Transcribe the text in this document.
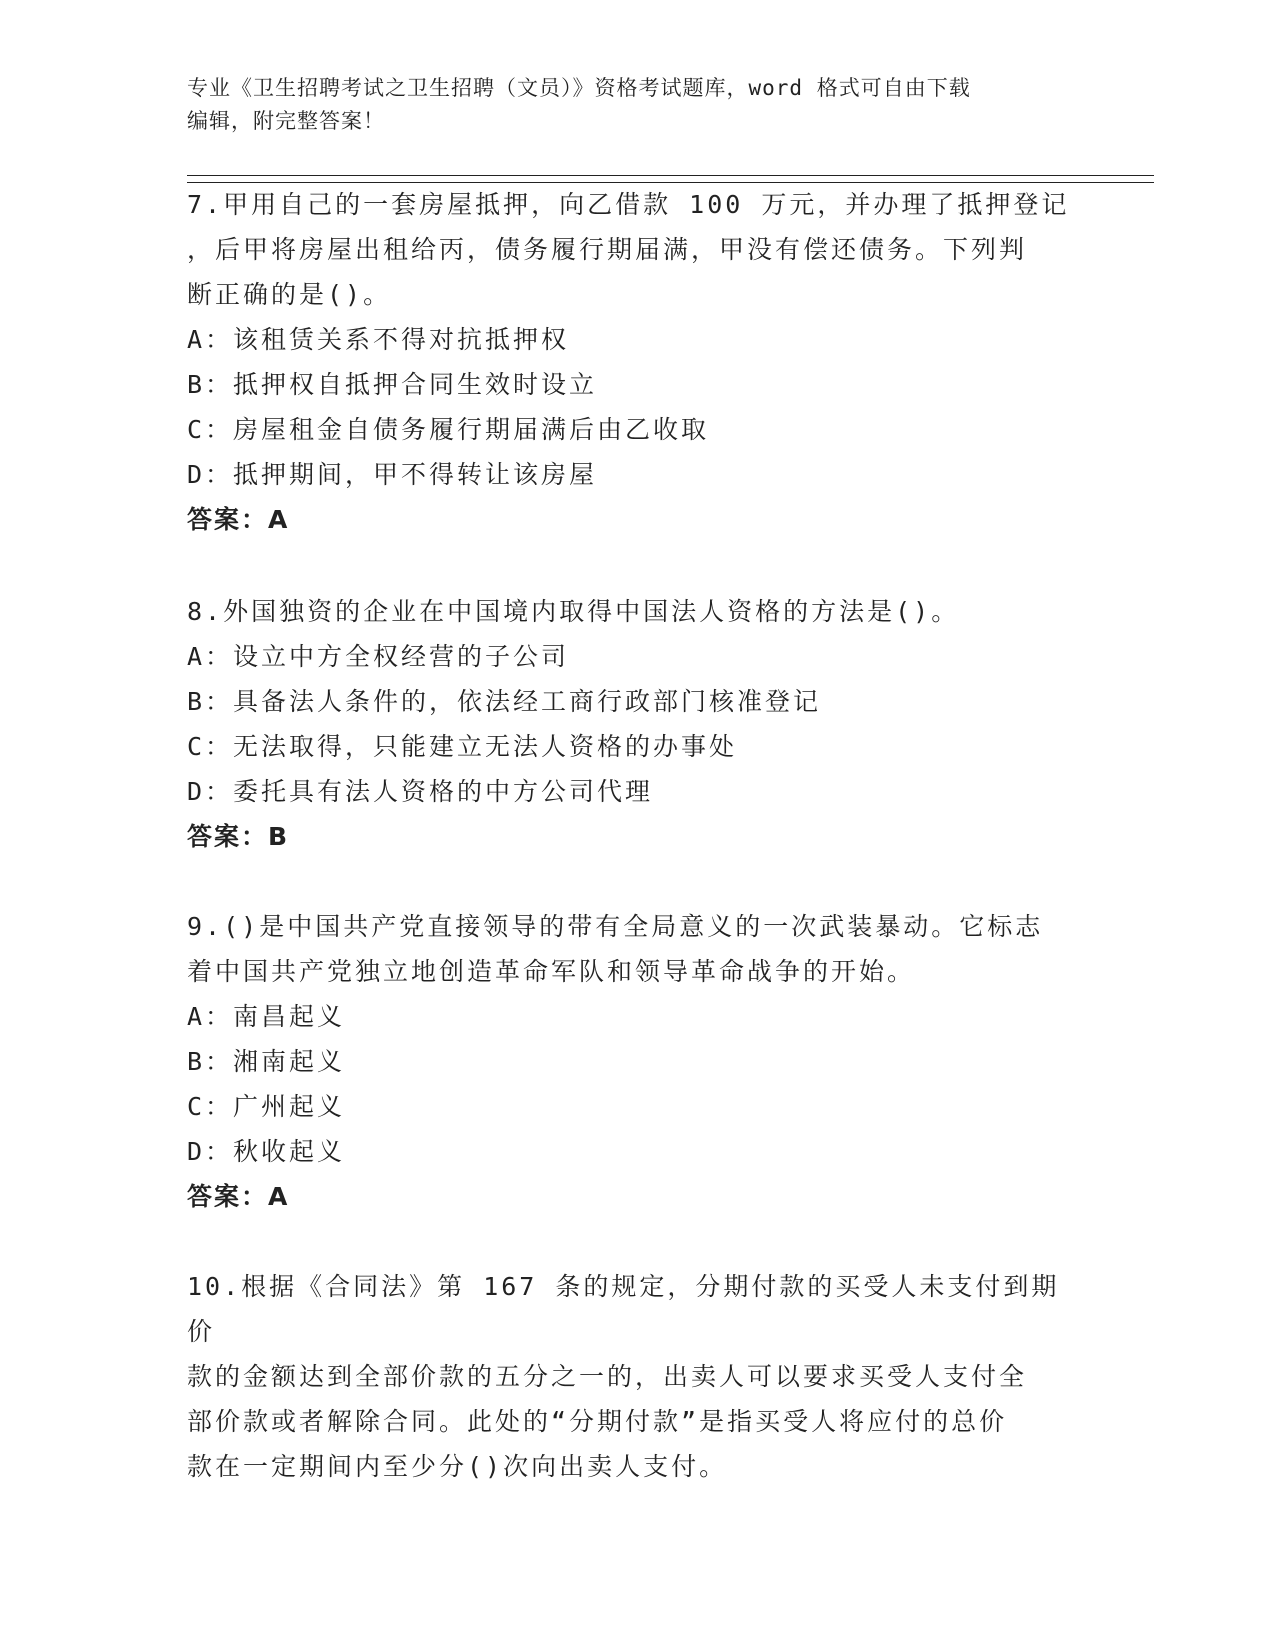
专业《卫生招聘考试之卫生招聘（文员）》资格考试题库，word 格式可自由下载
编辑，附完整答案！
7.甲用自己的一套房屋抵押，向乙借款 100 万元，并办理了抵押登记
，后甲将房屋出租给丙，债务履行期届满，甲没有偿还债务。下列判
断正确的是()。
A：该租赁关系不得对抗抵押权
B：抵押权自抵押合同生效时设立
C：房屋租金自债务履行期届满后由乙收取
D：抵押期间，甲不得转让该房屋
答案：A
8.外国独资的企业在中国境内取得中国法人资格的方法是()。
A：设立中方全权经营的子公司
B：具备法人条件的，依法经工商行政部门核准登记
C：无法取得，只能建立无法人资格的办事处
D：委托具有法人资格的中方公司代理
答案：B
9.()是中国共产党直接领导的带有全局意义的一次武装暴动。它标志
着中国共产党独立地创造革命军队和领导革命战争的开始。
A：南昌起义
B：湘南起义
C：广州起义
D：秋收起义
答案：A
10.根据《合同法》第 167 条的规定，分期付款的买受人未支付到期价
款的金额达到全部价款的五分之一的，出卖人可以要求买受人支付全
部价款或者解除合同。此处的“分期付款”是指买受人将应付的总价
款在一定期间内至少分()次向出卖人支付。
